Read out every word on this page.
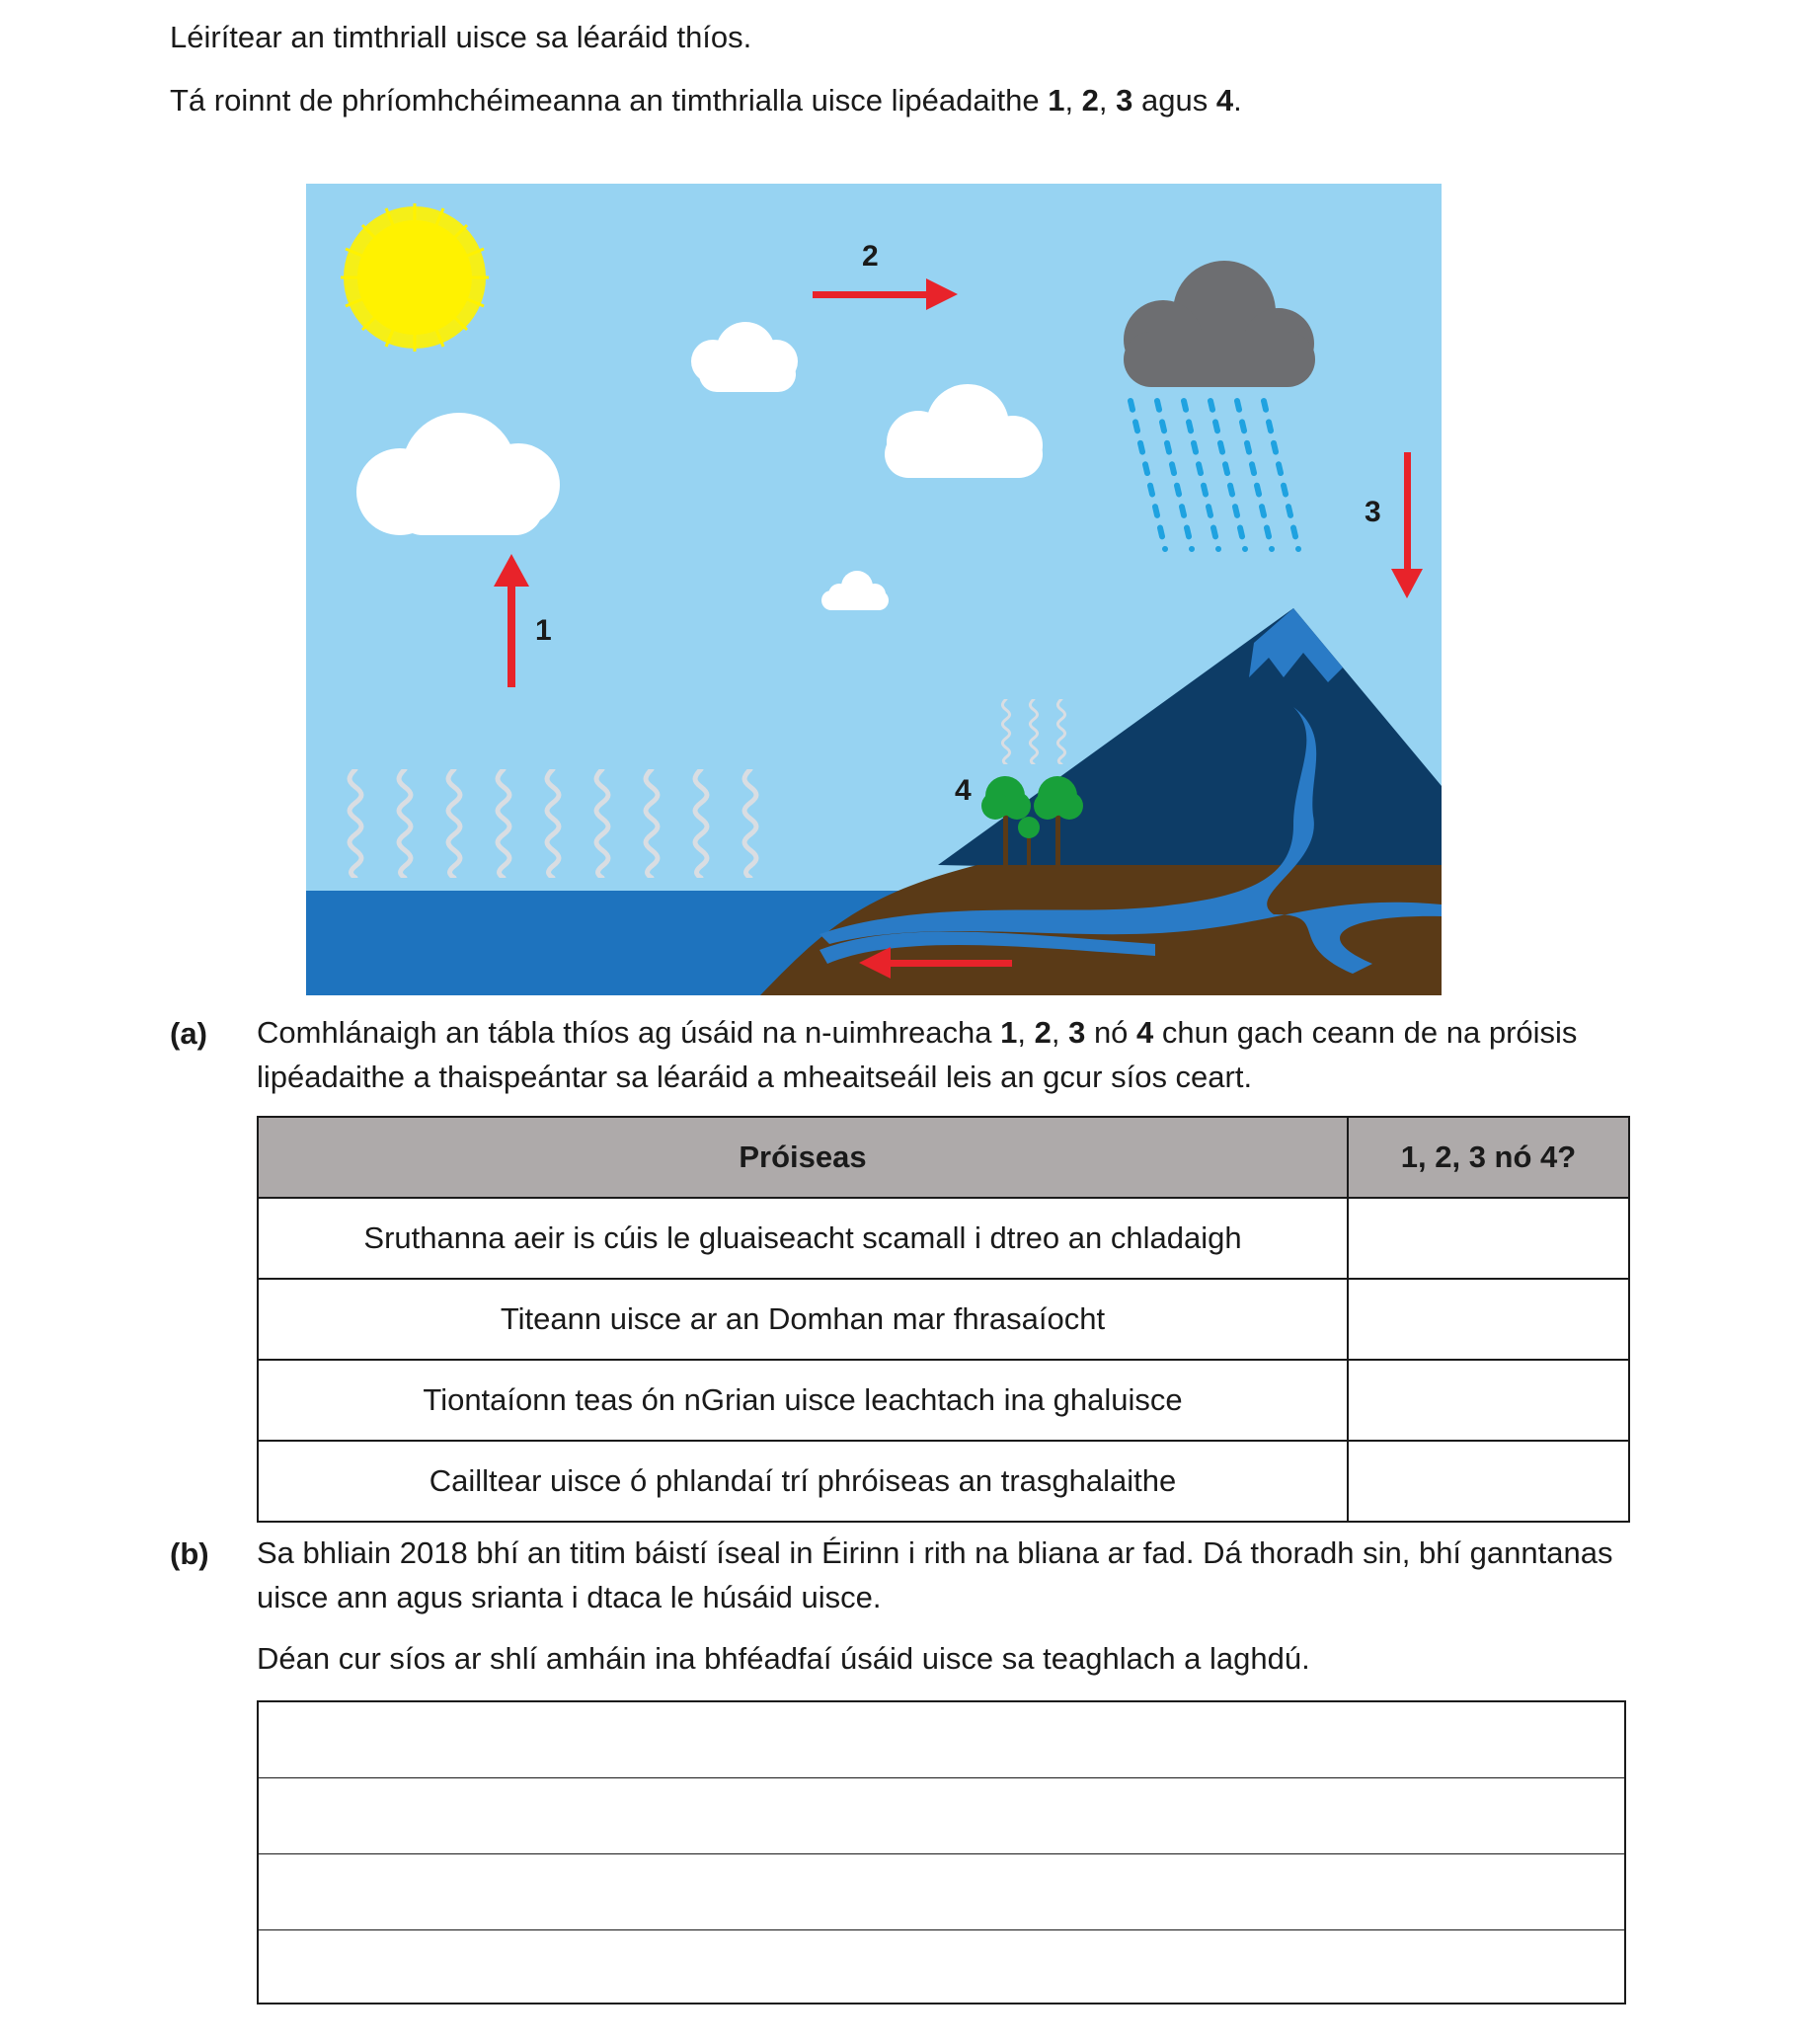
Léirítear an timthriall uisce sa léaráid thíos.
Tá roinnt de phríomhchéimeanna an timthrialla uisce lipéadaithe 1, 2, 3 agus 4.
1
2
3
4
(a) Comhlánaigh an tábla thíos ag úsáid na n-uimhreacha 1, 2, 3 nó 4 chun gach ceann de na próisis lipéadaithe a thaispeántar sa léaráid a mheaitseáil leis an gcur síos ceart.
Próiseas	1, 2, 3 nó 4?
Sruthanna aeir is cúis le gluaiseacht scamall i dtreo an chladaigh	
Titeann uisce ar an Domhan mar fhrasaíocht	
Tiontaíonn teas ón nGrian uisce leachtach ina ghaluisce	
Cailltear uisce ó phlandaí trí phróiseas an trasghalaithe	
(b) Sa bhliain 2018 bhí an titim báistí íseal in Éirinn i rith na bliana ar fad. Dá thoradh sin, bhí ganntanas uisce ann agus srianta i dtaca le húsáid uisce.
Déan cur síos ar shlí amháin ina bhféadfaí úsáid uisce sa teaghlach a laghdú.
